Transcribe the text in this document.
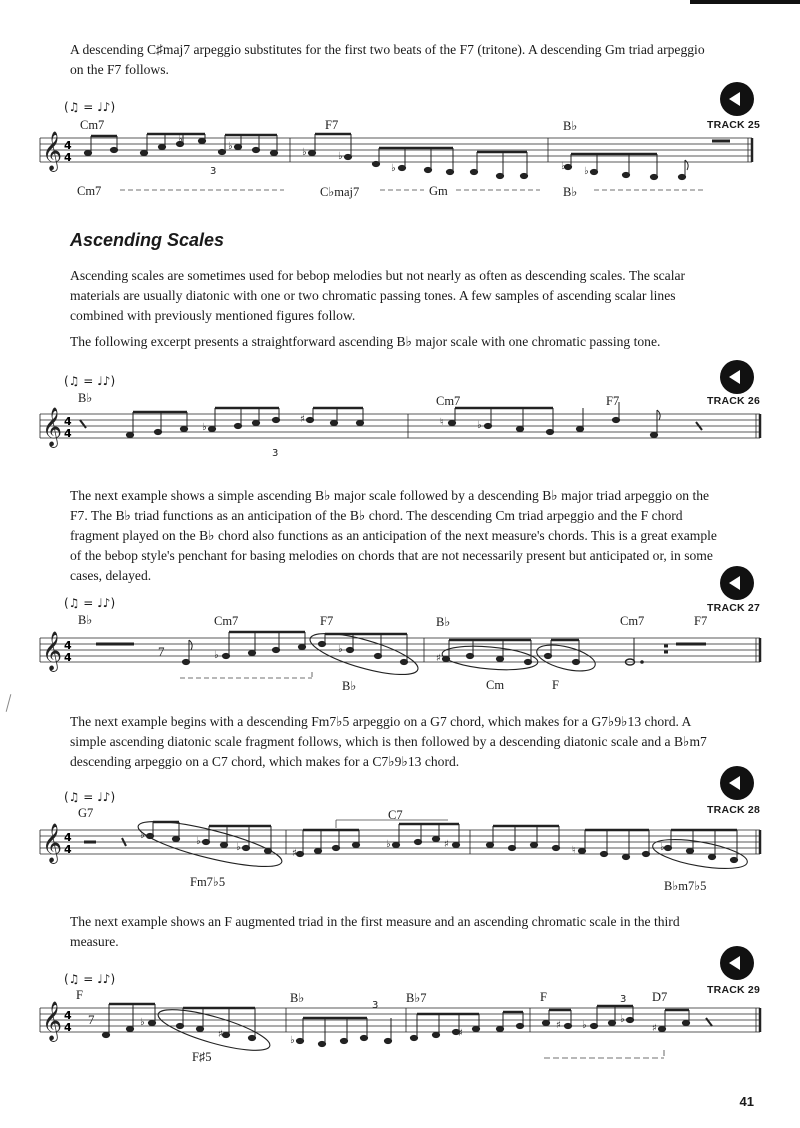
A descending C♯maj7 arpeggio substitutes for the first two beats of the F7 (tritone). A descending Gm triad arpeggio on the F7 follows.

(♫ = ♩♪)
Cm7	F7	B♭
𝄞 4
4
3
♭
♭
♭	♭
♭	♭ ♭
Cm7	C♭maj7	Gm	B♭
TRACK 25
Ascending Scales

Ascending scales are sometimes used for bebop melodies but not nearly as often as descending scales. The scalar materials are usually diatonic with one or two chromatic passing tones. A few samples of ascending scalar lines combined with previously mentioned figures follow.

The following excerpt presents a straightforward ascending B♭ major scale with one chromatic passing tone.

(♫ = ♩♪)
B♭	Cm7	F7
𝄞 4
4
3
♭
♯	♮	♭
TRACK 26

The next example shows a simple ascending B♭ major scale followed by a descending B♭ major triad arpeggio on the F7. The B♭ triad functions as an anticipation of the B♭ chord. The descending Cm triad arpeggio and the F chord fragment played on the B♭ chord also functions as an anticipation of the next measure's chords. This is a great example of the bebop style's penchant for basing melodies on chords that are not necessarily present but anticipated or, in some cases, delayed.

(♫ = ♩♪)
B♭	Cm7	F7	B♭	Cm7	F7
𝄞 4
4	7	♭
♭
♯
B♭	Cm	F
TRACK 27

The next example begins with a descending Fm7♭5 arpeggio on a G7 chord, which makes for a G7♭9♭13 chord. A simple ascending diatonic scale fragment follows, which is then followed by a descending diatonic scale and a B♭m7 descending arpeggio on a C7 chord, which makes for a C7♭9♭13 chord.

(♫ = ♩♪)
G7	C7
𝄞 4
4
♭
♭
♭
♯
♭	♯
♮	♭
Fm7♭5	B♭m7♭5
TRACK 28

The next example shows an F augmented triad in the first measure and an ascending chromatic scale in the third measure.

(♫ = ♩♪)
F	B♭	B♭7	F	D7
𝄞 4
4
7	♭
♯
♭
♯
♯ ♭
♭
♯
3
3
F♯5
TRACK 29
41
